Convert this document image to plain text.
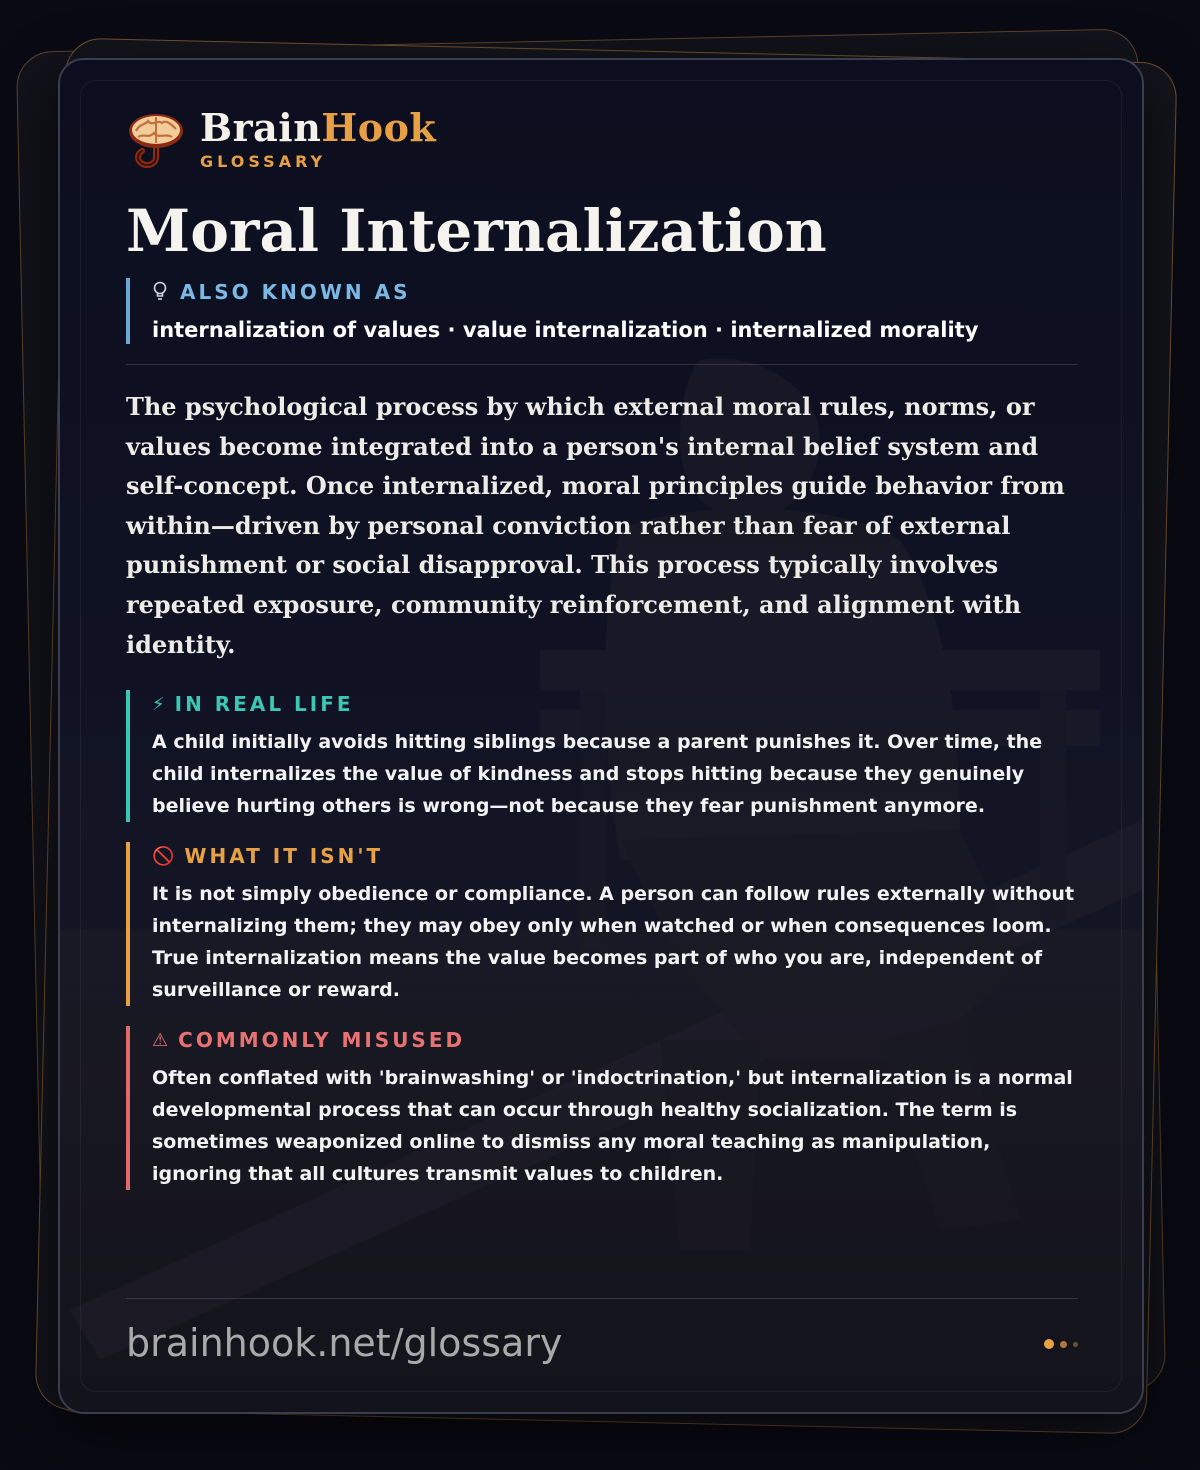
BrainHook
GLOSSARY
Moral Internalization
ALSO KNOWN AS
internalization of values · value internalization · internalized morality

The psychological process by which external moral rules, norms, or values become integrated into a person's internal belief system and self-concept. Once internalized, moral principles guide behavior from within—driven by personal conviction rather than fear of external punishment or social disapproval. This process typically involves repeated exposure, community reinforcement, and alignment with identity.

⚡ IN REAL LIFE
A child initially avoids hitting siblings because a parent punishes it. Over time, the child internalizes the value of kindness and stops hitting because they genuinely believe hurting others is wrong—not because they fear punishment anymore.
🚫 WHAT IT ISN'T
It is not simply obedience or compliance. A person can follow rules externally without internalizing them; they may obey only when watched or when consequences loom. True internalization means the value becomes part of who you are, independent of surveillance or reward.
⚠ COMMONLY MISUSED
Often conflated with 'brainwashing' or 'indoctrination,' but internalization is a normal developmental process that can occur through healthy socialization. The term is sometimes weaponized online to dismiss any moral teaching as manipulation, ignoring that all cultures transmit values to children.
brainhook.net/glossary
